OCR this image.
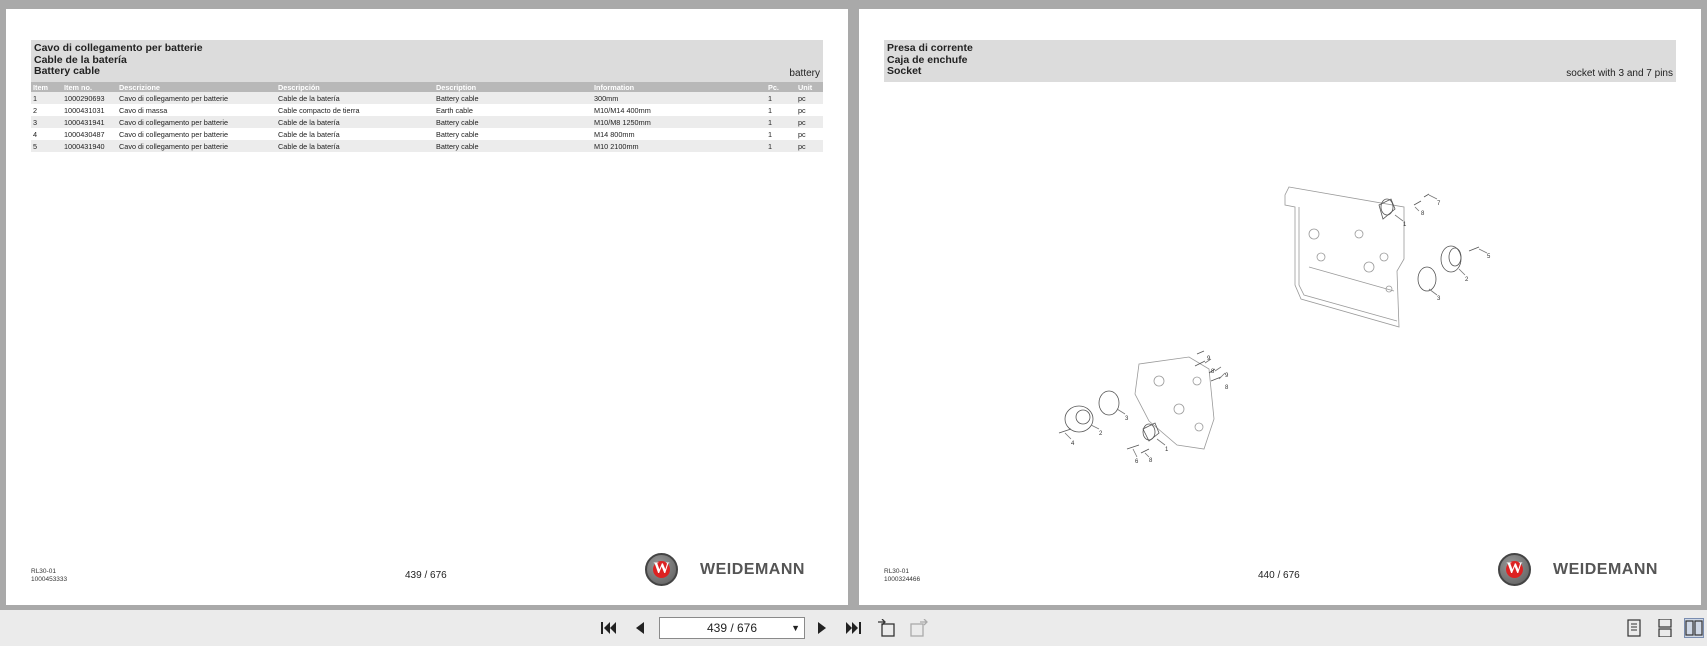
Cavo di collegamento per batterie
Cable de la batería
Battery cable	battery
Item	Item no.	Descrizione	Descripción	Description	Information	Pc.	Unit
1	1000290693	Cavo di collegamento per batterie	Cable de la batería	Battery cable	300mm	1	pc
2	1000431031	Cavo di massa	Cable compacto de tierra	Earth cable	M10/M14 400mm	1	pc
3	1000431941	Cavo di collegamento per batterie	Cable de la batería	Battery cable	M10/M8 1250mm	1	pc
4	1000430487	Cavo di collegamento per batterie	Cable de la batería	Battery cable	M14 800mm	1	pc
5	1000431940	Cavo di collegamento per batterie	Cable de la batería	Battery cable	M10 2100mm	1	pc
RL30-01
1000453333	439 / 676	W	WEIDEMANN
Presa di corrente
Caja de enchufe
Socket	socket with 3 and 7 pins
1
2
3
5
7
8
1
2
3
4
6 8
8
9
9
8
RL30-01
1000324466	440 / 676	W	WEIDEMANN
439 / 676	▼
